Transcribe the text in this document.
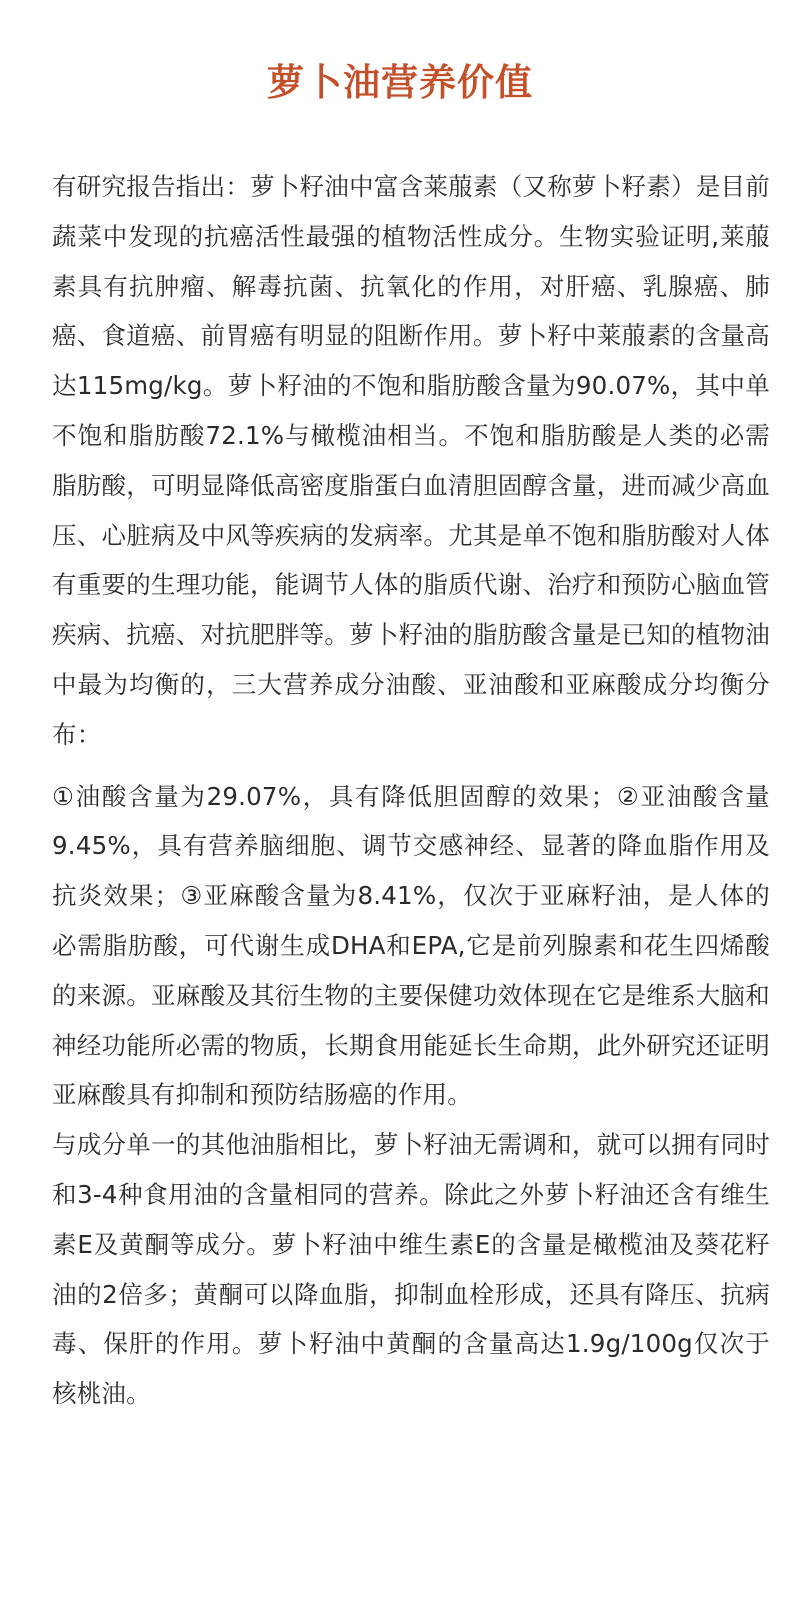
萝卜油营养价值

有研究报告指出：萝卜籽油中富含莱菔素（又称萝卜籽素）是目前蔬菜中发现的抗癌活性最强的植物活性成分。生物实验证明,莱菔素具有抗肿瘤、解毒抗菌、抗氧化的作用，对肝癌、乳腺癌、肺癌、食道癌、前胃癌有明显的阻断作用。萝卜籽中莱菔素的含量高达115mg/kg。萝卜籽油的不饱和脂肪酸含量为90.07%，其中单不饱和脂肪酸72.1%与橄榄油相当。不饱和脂肪酸是人类的必需脂肪酸，可明显降低高密度脂蛋白血清胆固醇含量，进而减少高血压、心脏病及中风等疾病的发病率。尤其是单不饱和脂肪酸对人体有重要的生理功能，能调节人体的脂质代谢、治疗和预防心脑血管疾病、抗癌、对抗肥胖等。萝卜籽油的脂肪酸含量是已知的植物油中最为均衡的，三大营养成分油酸、亚油酸和亚麻酸成分均衡分布：

①油酸含量为29.07%，具有降低胆固醇的效果；②亚油酸含量9.45%，具有营养脑细胞、调节交感神经、显著的降血脂作用及抗炎效果；③亚麻酸含量为8.41%，仅次于亚麻籽油，是人体的必需脂肪酸，可代谢生成DHA和EPA,它是前列腺素和花生四烯酸的来源。亚麻酸及其衍生物的主要保健功效体现在它是维系大脑和神经功能所必需的物质，长期食用能延长生命期，此外研究还证明亚麻酸具有抑制和预防结肠癌的作用。

与成分单一的其他油脂相比，萝卜籽油无需调和，就可以拥有同时和3-4种食用油的含量相同的营养。除此之外萝卜籽油还含有维生素E及黄酮等成分。萝卜籽油中维生素E的含量是橄榄油及葵花籽油的2倍多；黄酮可以降血脂，抑制血栓形成，还具有降压、抗病毒、保肝的作用。萝卜籽油中黄酮的含量高达1.9g/100g仅次于核桃油。
